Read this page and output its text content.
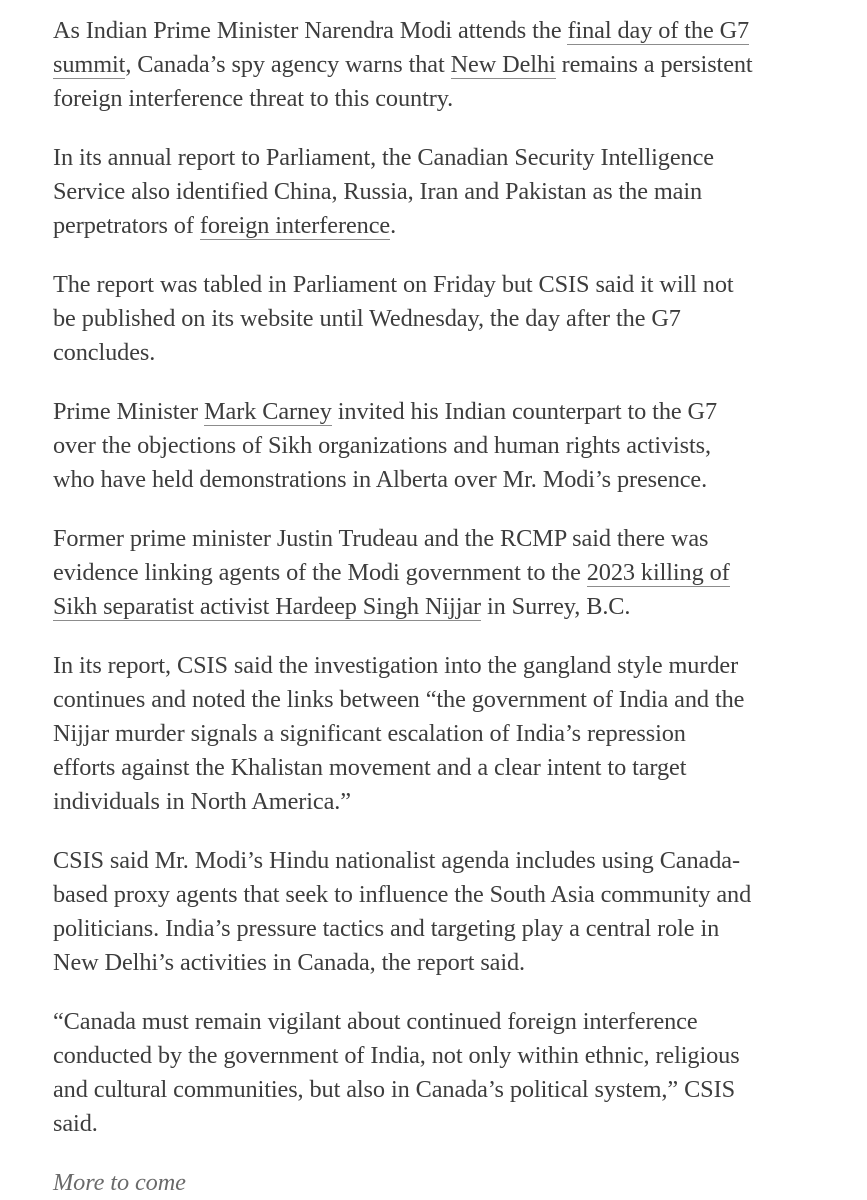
As Indian Prime Minister Narendra Modi attends the final day of the G7 summit, Canada’s spy agency warns that New Delhi remains a persistent foreign interference threat to this country.

In its annual report to Parliament, the Canadian Security Intelligence Service also identified China, Russia, Iran and Pakistan as the main perpetrators of foreign interference.

The report was tabled in Parliament on Friday but CSIS said it will not be published on its website until Wednesday, the day after the G7 concludes.

Prime Minister Mark Carney invited his Indian counterpart to the G7 over the objections of Sikh organizations and human rights activists, who have held demonstrations in Alberta over Mr. Modi’s presence.

Former prime minister Justin Trudeau and the RCMP said there was evidence linking agents of the Modi government to the 2023 killing of Sikh separatist activist Hardeep Singh Nijjar in Surrey, B.C.

In its report, CSIS said the investigation into the gangland style murder continues and noted the links between “the government of India and the Nijjar murder signals a significant escalation of India’s repression efforts against the Khalistan movement and a clear intent to target individuals in North America.”

CSIS said Mr. Modi’s Hindu nationalist agenda includes using Canada-based proxy agents that seek to influence the South Asia community and politicians. India’s pressure tactics and targeting play a central role in New Delhi’s activities in Canada, the report said.

“Canada must remain vigilant about continued foreign interference conducted by the government of India, not only within ethnic, religious and cultural communities, but also in Canada’s political system,” CSIS said.

More to come
